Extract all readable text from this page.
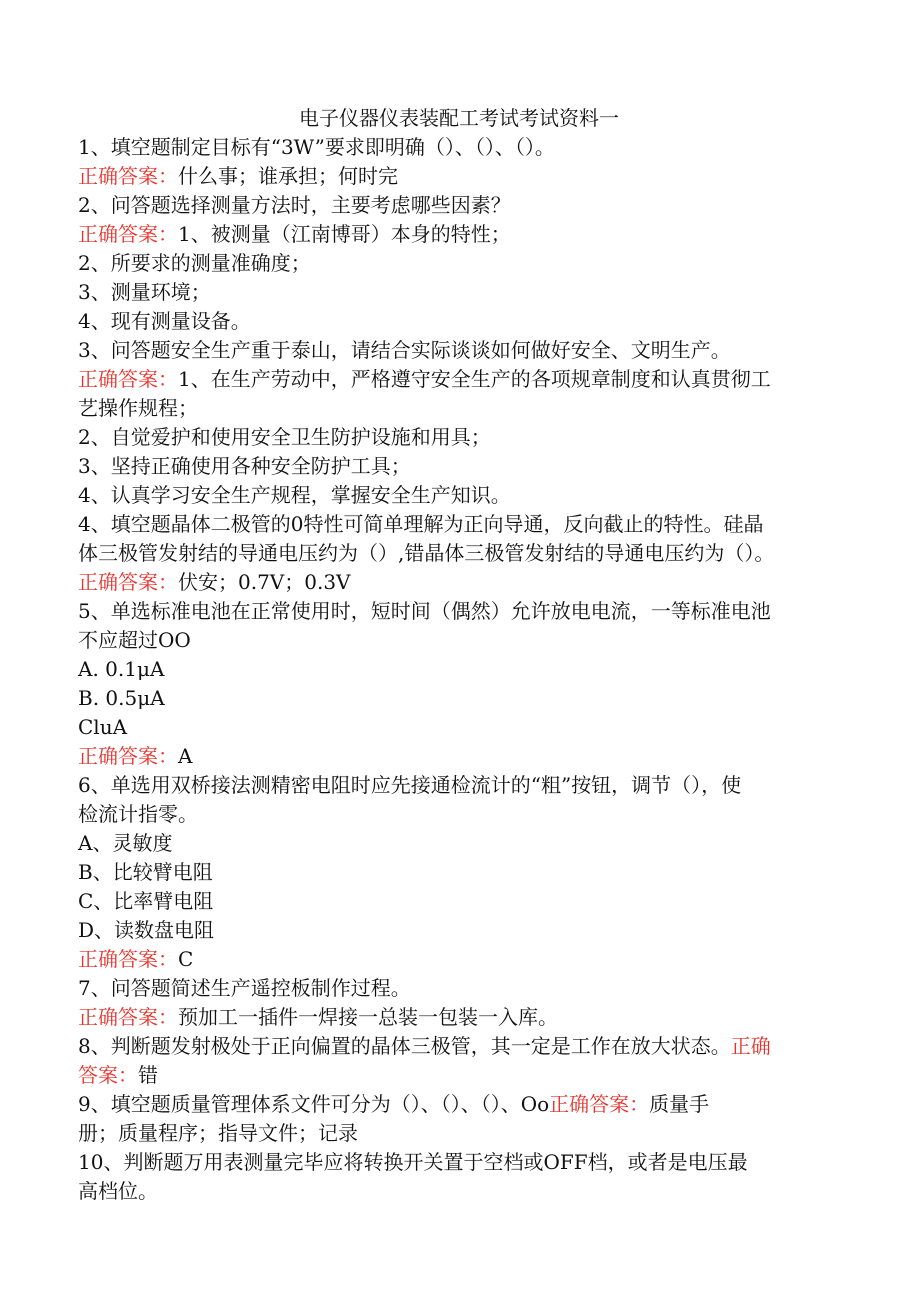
电子仪器仪表装配工考试考试资料一
1、填空题制定目标有“3W”要求即明确（）、（）、（）。
正确答案：什么事；谁承担；何时完
2、问答题选择测量方法时，主要考虑哪些因素？
正确答案：1、被测量（江南博哥）本身的特性；
2、所要求的测量准确度；
3、测量环境；
4、现有测量设备。
3、问答题安全生产重于泰山，请结合实际谈谈如何做好安全、文明生产。
正确答案：1、在生产劳动中，严格遵守安全生产的各项规章制度和认真贯彻工
艺操作规程；
2、自觉爱护和使用安全卫生防护设施和用具；
3、坚持正确使用各种安全防护工具；
4、认真学习安全生产规程，掌握安全生产知识。
4、填空题晶体二极管的0特性可简单理解为正向导通，反向截止的特性。硅晶
体三极管发射结的导通电压约为（）,错晶体三极管发射结的导通电压约为（）。
正确答案：伏安；0.7V；0.3V
5、单选标准电池在正常使用时，短时间（偶然）允许放电电流，一等标准电池
不应超过OO
A. 0.1μA
B. 0.5μA
CluA
正确答案：A
6、单选用双桥接法测精密电阻时应先接通检流计的“粗”按钮，调节（），使
检流计指零。
A、灵敏度
B、比较臂电阻
C、比率臂电阻
D、读数盘电阻
正确答案：C
7、问答题简述生产遥控板制作过程。
正确答案：预加工一插件一焊接一总装一包装一入库。
8、判断题发射极处于正向偏置的晶体三极管，其一定是工作在放大状态。正确
答案：错
9、填空题质量管理体系文件可分为（）、（）、（）、Oo正确答案：质量手
册；质量程序；指导文件；记录
10、判断题万用表测量完毕应将转换开关置于空档或OFF档，或者是电压最
高档位。
